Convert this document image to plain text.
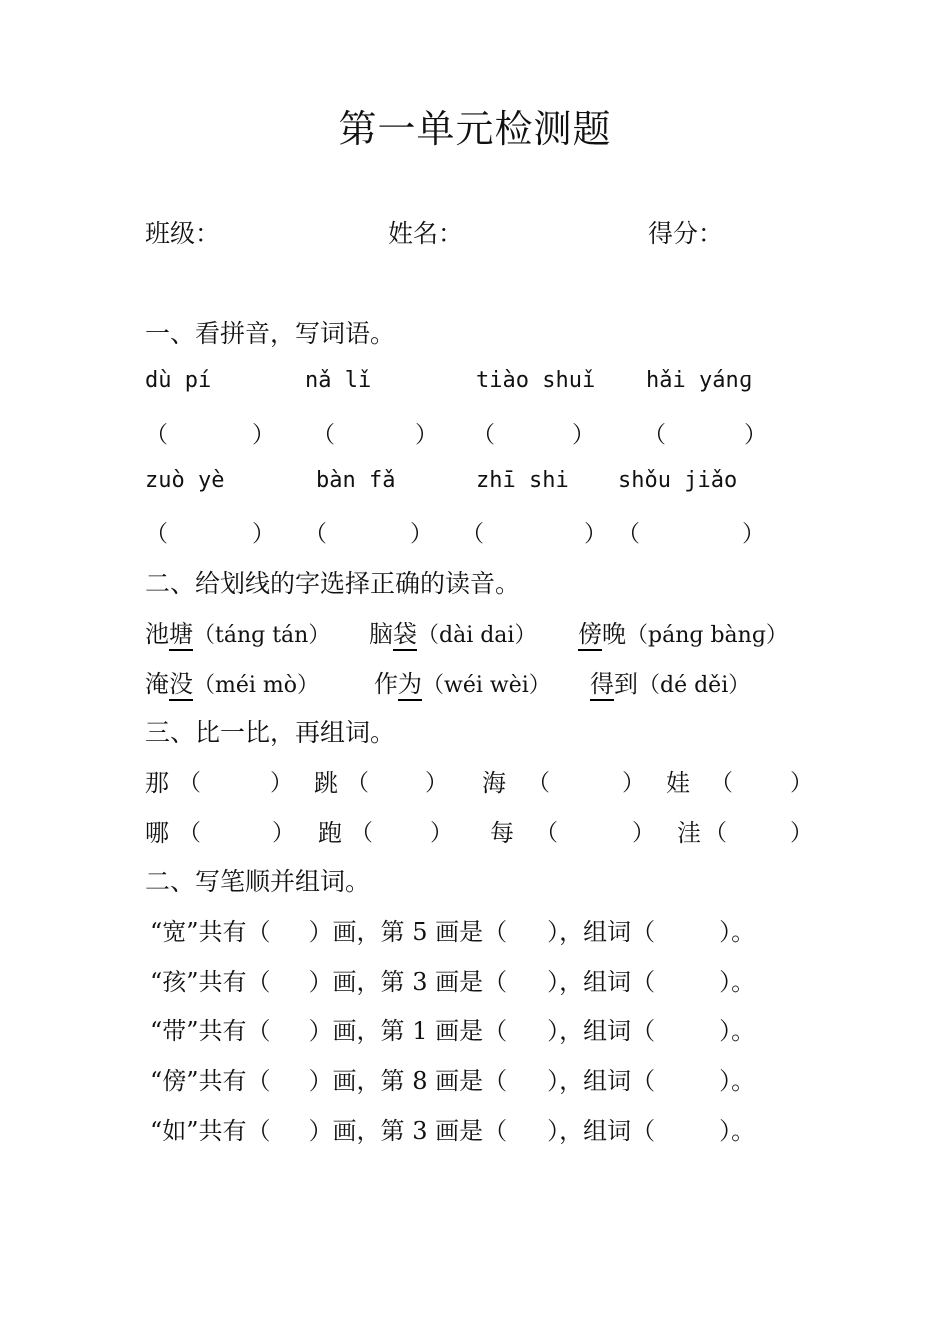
第一单元检测题
班级：	姓名：	得分：
一、看拼音，写词语。
dù pí	nǎ lǐ	tiào shuǐ hǎi yánɡ
（	） （	） （	） （	）
zuò yè	bàn fǎ	zhī shi shǒu jiǎo
（	） （	） （	） （	）
二、给划线的字选择正确的读音。
池塘（tánɡ tán） 脑袋（dài dai） 傍晚（pánɡ bànɡ）
淹没（méi mò） 作为（wéi wèi） 得到（dé děi）
三、比一比，再组词。
那 （	） 跳 （ ） 海 （	） 娃 （ ）
哪 （	） 跑 （ ） 每 （	） 洼 （	）
二、写笔顺并组词。
“宽”共有（ ）画，第 5 画是（ ），组词（	）。
“孩”共有（ ）画，第 3 画是（ ），组词（	）。
“带”共有（ ）画，第 1 画是（ ），组词（	）。
“傍”共有（ ）画，第 8 画是（ ），组词（	）。
“如”共有（ ）画，第 3 画是（ ），组词（	）。
